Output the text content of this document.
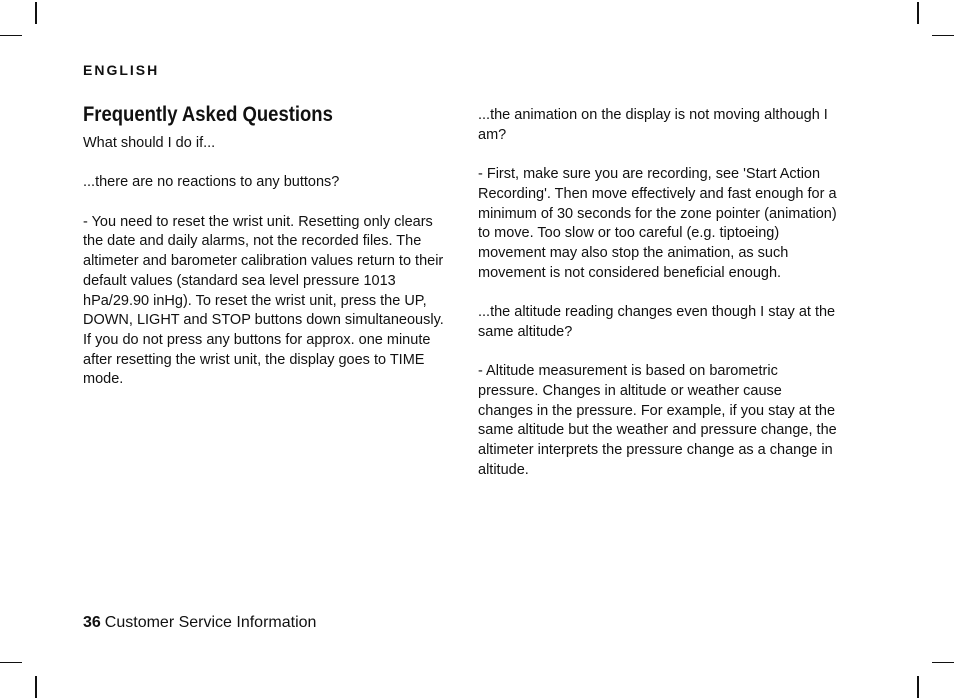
ENGLISH
Frequently Asked Questions

What should I do if...

...there are no reactions to any buttons?

- You need to reset the wrist unit. Resetting only clears the date and daily alarms, not the recorded files. The altimeter and barometer calibration values return to their default values (standard sea level pressure 1013 hPa/29.90 inHg). To reset the wrist unit, press the UP, DOWN, LIGHT and STOP buttons down simultaneously. If you do not press any buttons for approx. one minute after resetting the wrist unit, the display goes to TIME mode.

...the animation on the display is not moving although I am?

- First, make sure you are recording, see 'Start Action Recording'. Then move effectively and fast enough for a minimum of 30 seconds for the zone pointer (animation) to move. Too slow or too careful (e.g. tiptoeing) movement may also stop the animation, as such movement is not considered beneficial enough.

...the altitude reading changes even though I stay at the same altitude?

- Altitude measurement is based on barometric pressure. Changes in altitude or weather cause changes in the pressure. For example, if you stay at the same altitude but the weather and pressure change, the altimeter interprets the pressure change as a change in altitude.

36 Customer Service Information
